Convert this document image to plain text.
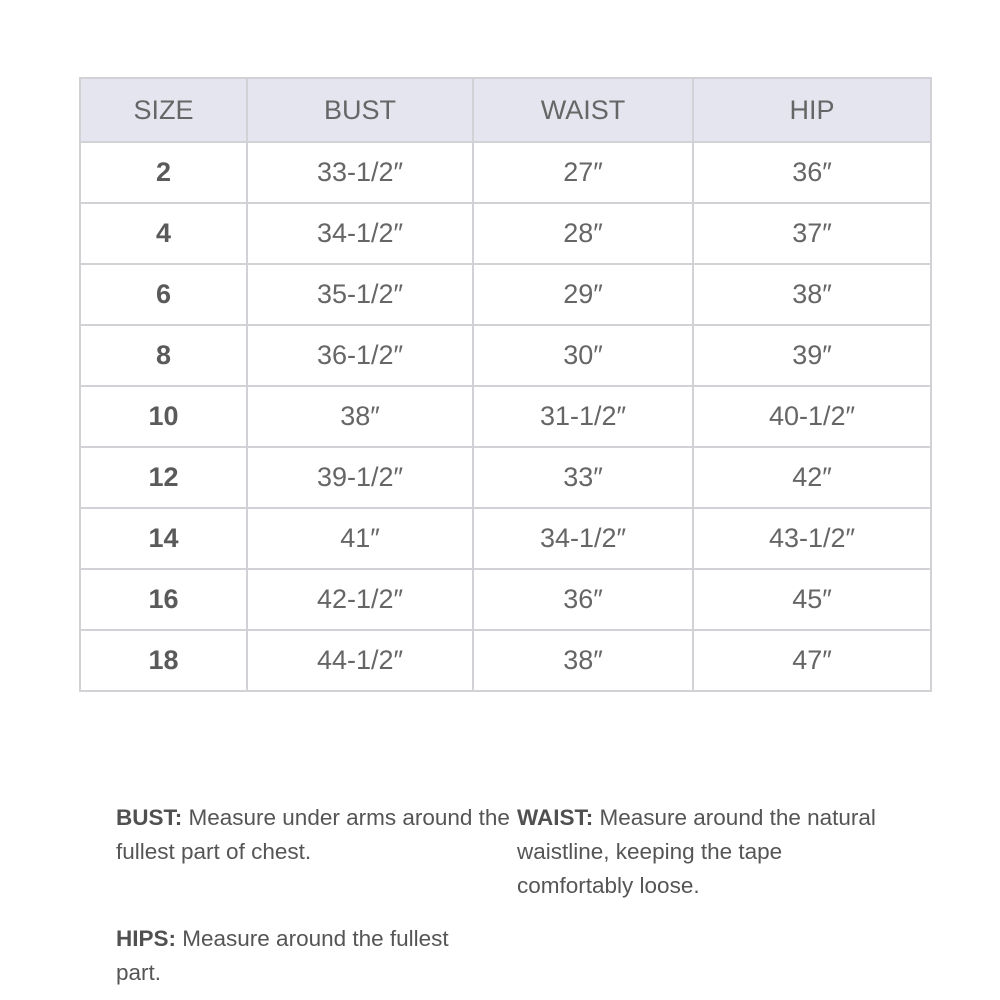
SIZE	BUST	WAIST	HIP
2	33-1/2″	27″	36″
4	34-1/2″	28″	37″
6	35-1/2″	29″	38″
8	36-1/2″	30″	39″
10	38″	31-1/2″	40-1/2″
12	39-1/2″	33″	42″
14	41″	34-1/2″	43-1/2″
16	42-1/2″	36″	45″
18	44-1/2″	38″	47″
BUST: Measure under arms around the fullest part of chest.
WAIST: Measure around the natural waistline, keeping the tape comfortably loose.
HIPS: Measure around the fullest part.
